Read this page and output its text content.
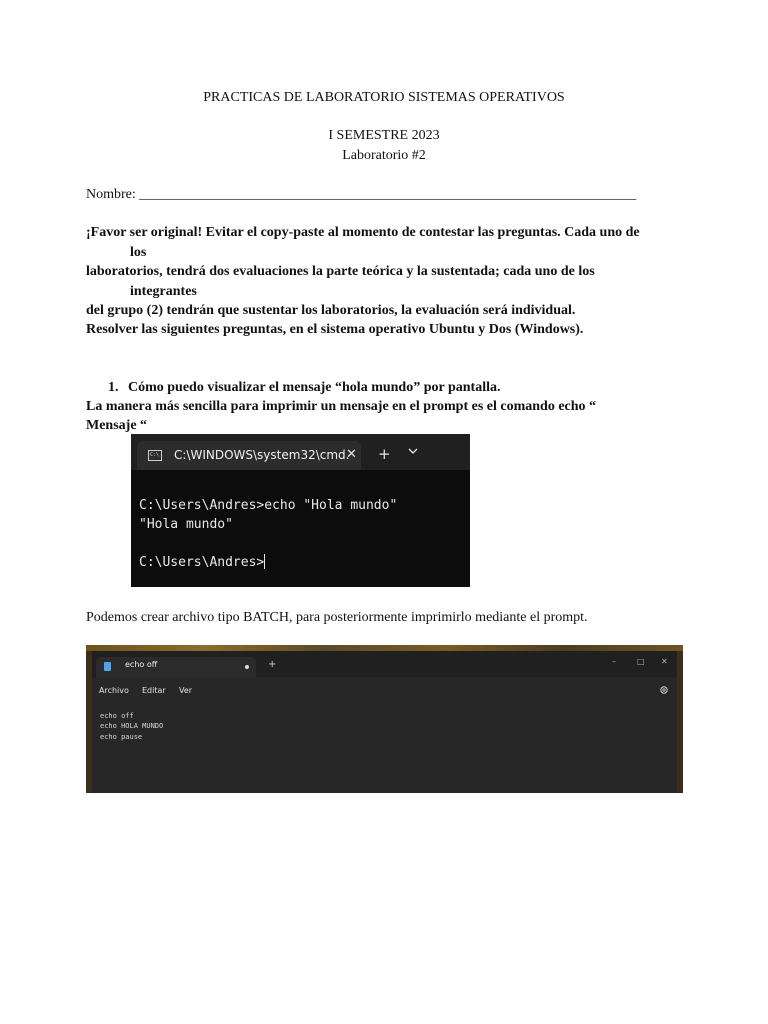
PRACTICAS DE LABORATORIO SISTEMAS OPERATIVOS
I SEMESTRE 2023
Laboratorio #2
Nombre: _______________________________________________________________________
¡Favor ser original! Evitar el copy-paste al momento de contestar las preguntas. Cada uno de
los
laboratorios, tendrá dos evaluaciones la parte teórica y la sustentada; cada uno de los
integrantes
del grupo (2) tendrán que sustentar los laboratorios, la evaluación será individual.
Resolver las siguientes preguntas, en el sistema operativo Ubuntu y Dos (Windows).
1. Cómo puedo visualizar el mensaje “hola mundo” por pantalla.
La manera más sencilla para imprimir un mensaje en el prompt es el comando echo “
Mensaje “
C:\ C:\WINDOWS\system32\cmd.
✕ +
C:\Users\Andres>echo "Hola mundo"
"Hola mundo"
C:\Users\Andres>
Podemos crear archivo tipo BATCH, para posteriormente imprimirlo mediante el prompt.
echo off	+	–	□ ✕
Archivo Editar Ver
echo off
echo HOLA MUNDO
echo pause
